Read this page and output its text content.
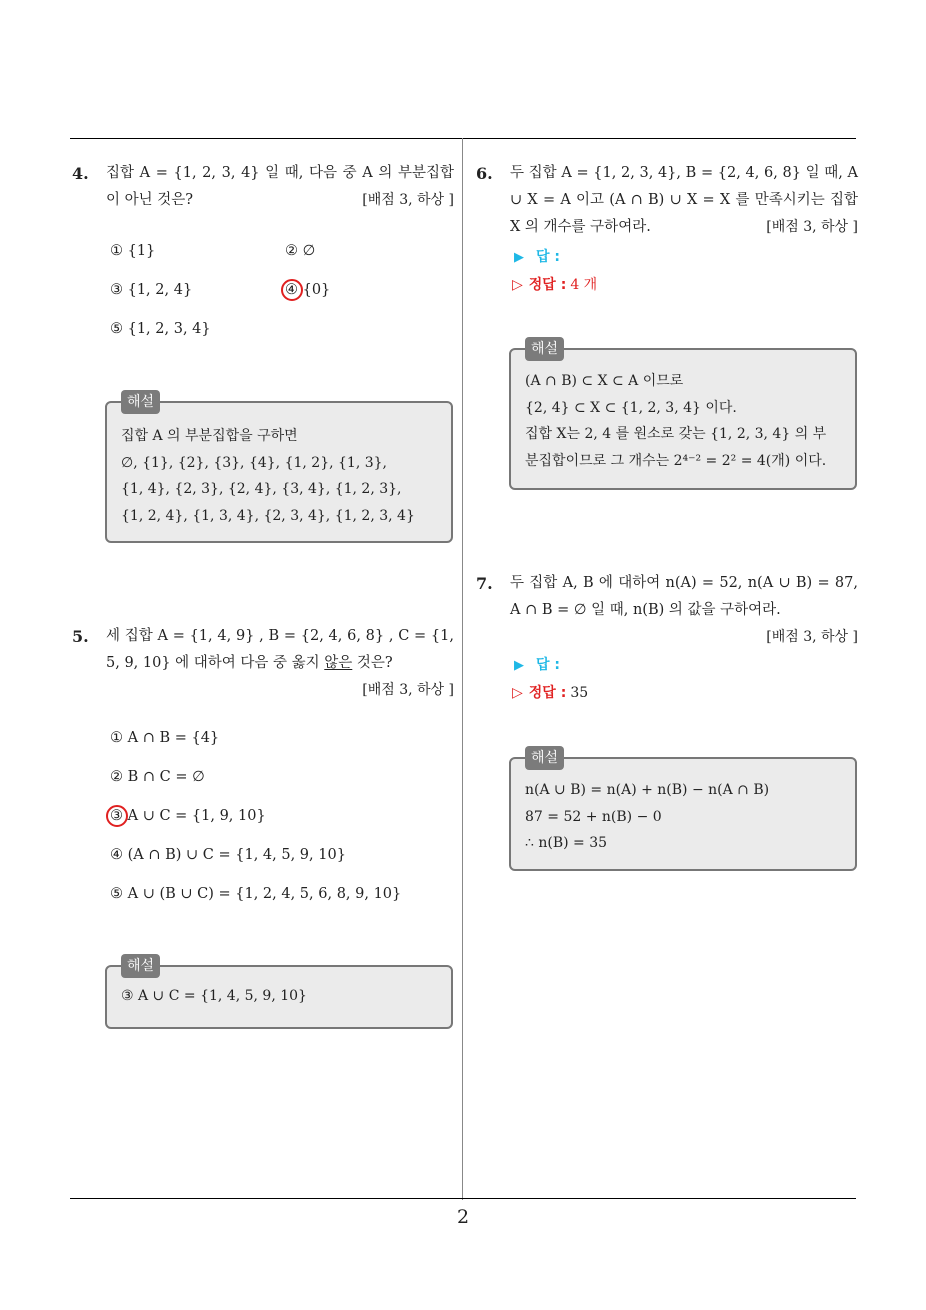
4. 집합 A = {1, 2, 3, 4} 일 때, 다음 중 A 의 부분집합이 아닌 것은?	[배점 3, 하상 ]
① {1}	② ∅
③ {1, 2, 4}	④ {0}
⑤ {1, 2, 3, 4}
해설
집합 A 의 부분집합을 구하면
∅, {1}, {2}, {3}, {4}, {1, 2}, {1, 3},
{1, 4}, {2, 3}, {2, 4}, {3, 4}, {1, 2, 3},
{1, 2, 4}, {1, 3, 4}, {2, 3, 4}, {1, 2, 3, 4}
5. 세 집합 A = {1, 4, 9} , B = {2, 4, 6, 8} , C = {1, 5, 9, 10} 에 대하여 다음 중 옳지 않은 것은?
[배점 3, 하상 ]
① A ∩ B = {4}
② B ∩ C = ∅
③ A ∪ C = {1, 9, 10}
④ (A ∩ B) ∪ C = {1, 4, 5, 9, 10}
⑤ A ∪ (B ∪ C) = {1, 2, 4, 5, 6, 8, 9, 10}
해설
③ A ∪ C = {1, 4, 5, 9, 10}
6. 두 집합 A = {1, 2, 3, 4}, B = {2, 4, 6, 8} 일 때, A ∪ X = A 이고 (A ∩ B) ∪ X = X 를 만족시키는 집합 X 의 개수를 구하여라.	[배점 3, 하상 ]
▶ 답 :
▷ 정답 : 4 개
해설
(A ∩ B) ⊂ X ⊂ A 이므로
{2, 4} ⊂ X ⊂ {1, 2, 3, 4} 이다.
집합 X는 2, 4 를 원소로 갖는 {1, 2, 3, 4} 의 부
분집합이므로 그 개수는 2⁴⁻² = 2² = 4(개) 이다.
7. 두 집합 A, B 에 대하여 n(A) = 52, n(A ∪ B) = 87, A ∩ B = ∅ 일 때, n(B) 의 값을 구하여라.
[배점 3, 하상 ]
▶ 답 :
▷ 정답 : 35
해설
n(A ∪ B) = n(A) + n(B) − n(A ∩ B)
87 = 52 + n(B) − 0
∴ n(B) = 35
2
